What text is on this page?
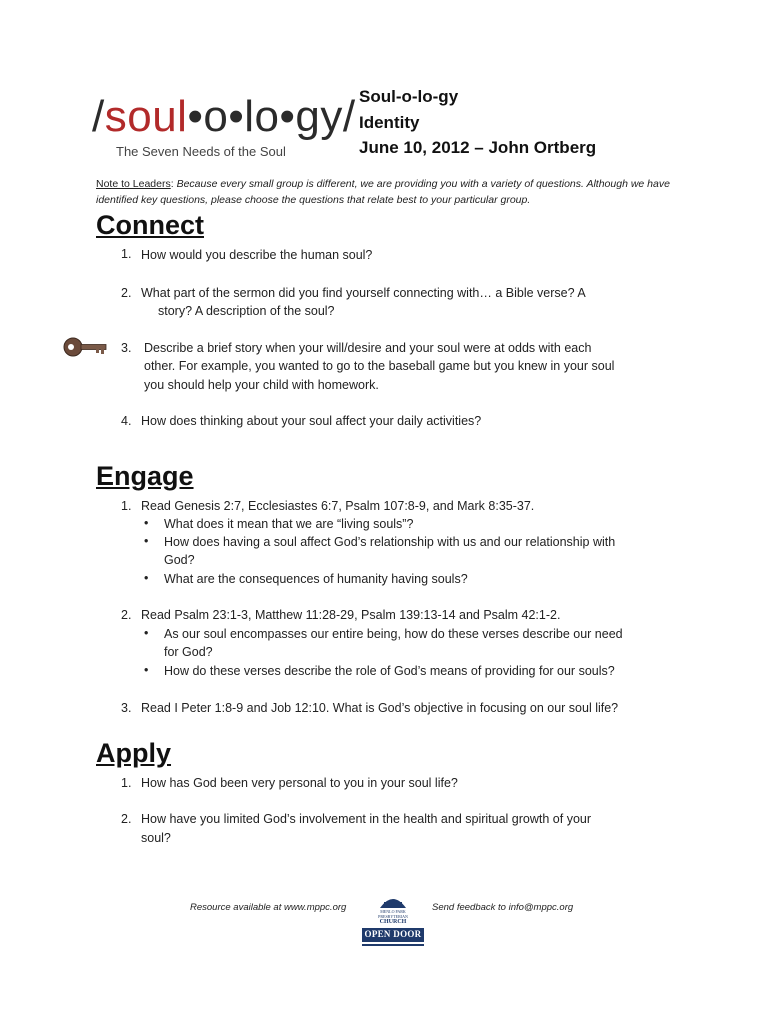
/soul•o•lo•gy/
The Seven Needs of the Soul
Soul-o-lo-gy
Identity
June 10, 2012 – John Ortberg
Note to Leaders: Because every small group is different, we are providing you with a variety of questions. Although we have identified key questions, please choose the questions that relate best to your particular group.
Connect
1. How would you describe the human soul?
2. What part of the sermon did you find yourself connecting with… a Bible verse? A
story? A description of the soul?
3. Describe a brief story when your will/desire and your soul were at odds with each
other. For example, you wanted to go to the baseball game but you knew in your soul
you should help your child with homework.
4. How does thinking about your soul affect your daily activities?
Engage
1. Read Genesis 2:7, Ecclesiastes 6:7, Psalm 107:8-9, and Mark 8:35-37.
• What does it mean that we are “living souls”?
• How does having a soul affect God’s relationship with us and our relationship with
God?
• What are the consequences of humanity having souls?
2. Read Psalm 23:1-3, Matthew 11:28-29, Psalm 139:13-14 and Psalm 42:1-2.
• As our soul encompasses our entire being, how do these verses describe our need
for God?
• How do these verses describe the role of God’s means of providing for our souls?
3. Read I Peter 1:8-9 and Job 12:10. What is God’s objective in focusing on our soul life?
Apply
1. How has God been very personal to you in your soul life?
2. How have you limited God’s involvement in the health and spiritual growth of your
soul?
Resource available at www.mppc.org	Send feedback to info@mppc.org
MENLO PARK
PRESBYTERIAN
CHURCH
OPEN DOOR
